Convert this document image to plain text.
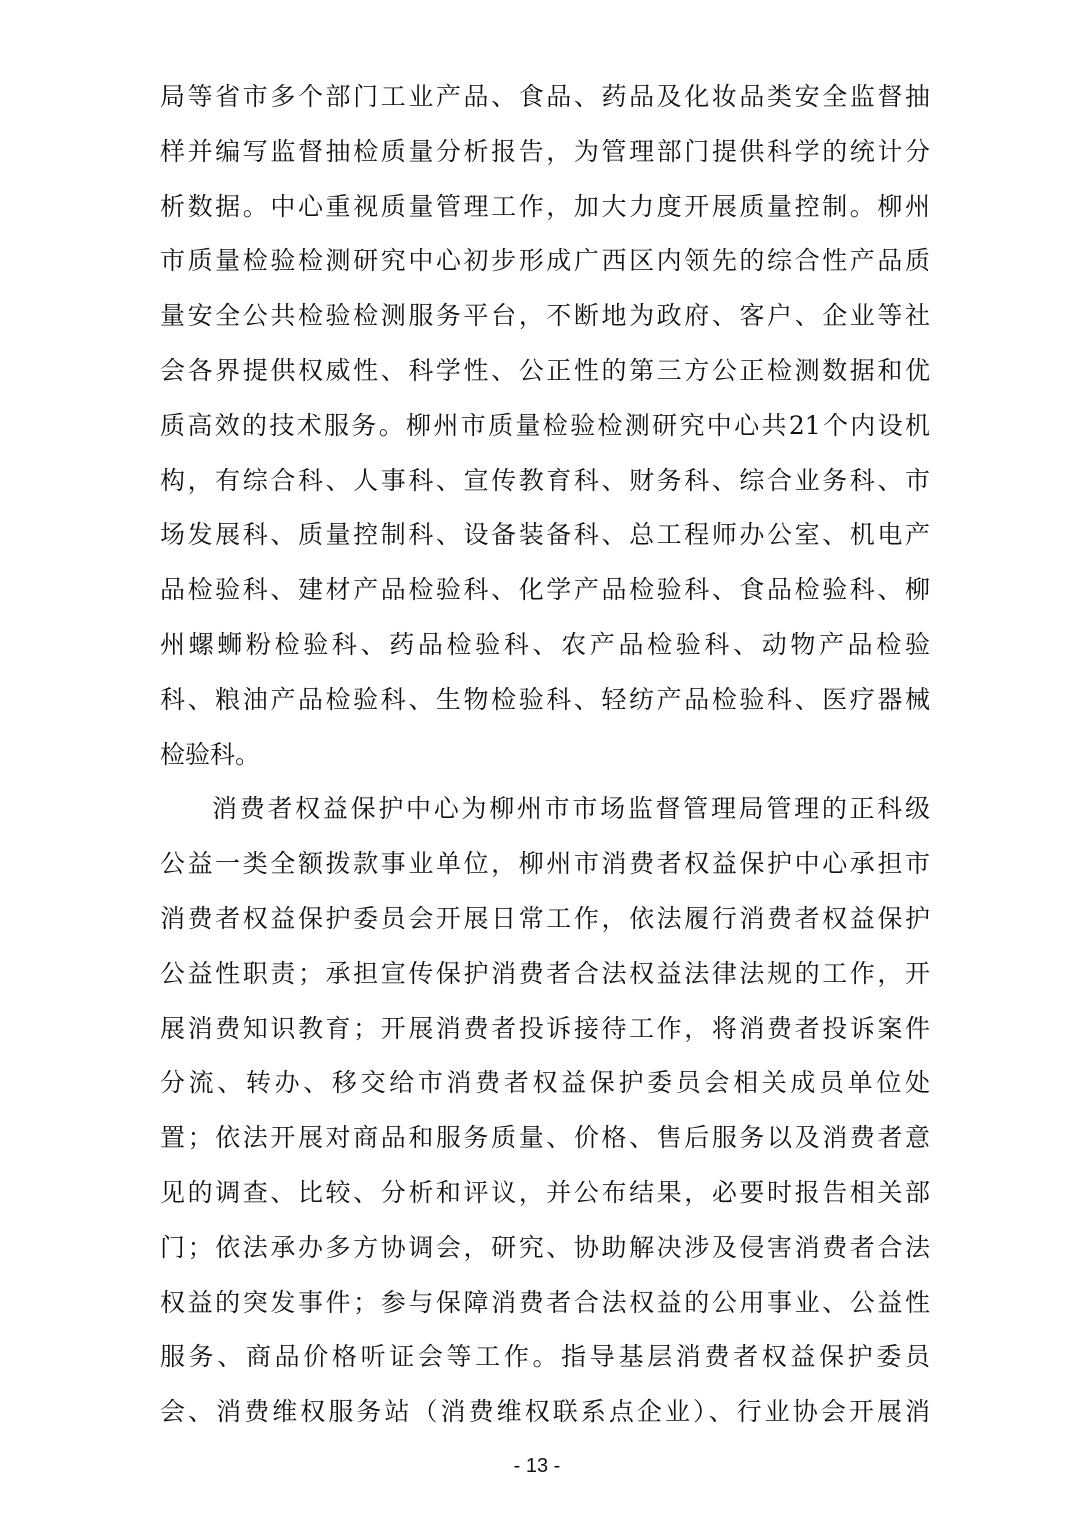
局等省市多个部门工业产品、食品、药品及化妆品类安全监督抽
样并编写监督抽检质量分析报告，为管理部门提供科学的统计分
析数据。中心重视质量管理工作，加大力度开展质量控制。柳州
市质量检验检测研究中心初步形成广西区内领先的综合性产品质
量安全公共检验检测服务平台，不断地为政府、客户、企业等社
会各界提供权威性、科学性、公正性的第三方公正检测数据和优
质高效的技术服务。柳州市质量检验检测研究中心共21个内设机
构，有综合科、人事科、宣传教育科、财务科、综合业务科、市
场发展科、质量控制科、设备装备科、总工程师办公室、机电产
品检验科、建材产品检验科、化学产品检验科、食品检验科、柳
州螺蛳粉检验科、药品检验科、农产品检验科、动物产品检验
科、粮油产品检验科、生物检验科、轻纺产品检验科、医疗器械
检验科。
消费者权益保护中心为柳州市市场监督管理局管理的正科级
公益一类全额拨款事业单位，柳州市消费者权益保护中心承担市
消费者权益保护委员会开展日常工作，依法履行消费者权益保护
公益性职责；承担宣传保护消费者合法权益法律法规的工作，开
展消费知识教育；开展消费者投诉接待工作，将消费者投诉案件
分流、转办、移交给市消费者权益保护委员会相关成员单位处
置；依法开展对商品和服务质量、价格、售后服务以及消费者意
见的调查、比较、分析和评议，并公布结果，必要时报告相关部
门；依法承办多方协调会，研究、协助解决涉及侵害消费者合法
权益的突发事件；参与保障消费者合法权益的公用事业、公益性
服务、商品价格听证会等工作。指导基层消费者权益保护委员
会、消费维权服务站（消费维权联系点企业）、行业协会开展消
- 13 -
